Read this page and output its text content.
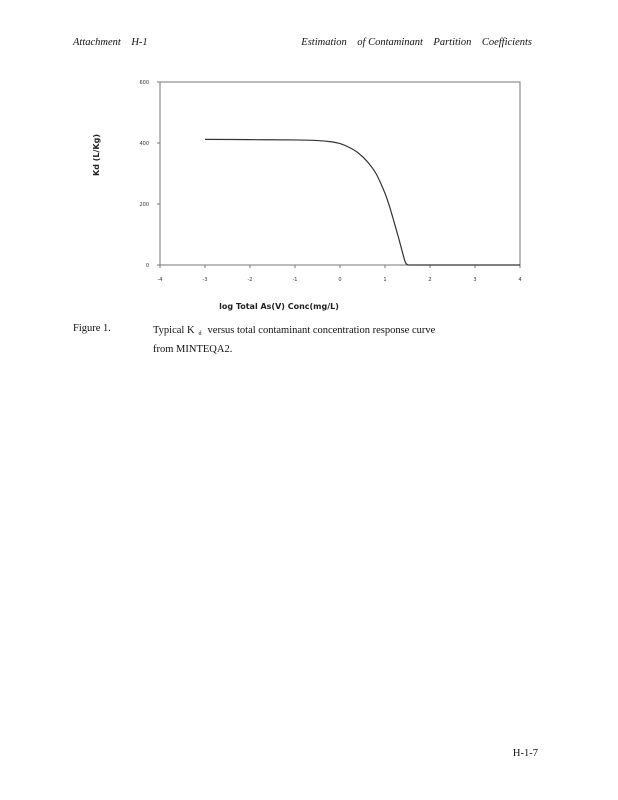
Attachment    H-1	Estimation    of Contaminant    Partition    Coefficients
0
200
400
600
-4	-3	-2	-1	0	1	2	3	4
log Total As(V) Conc(mg/L)
Kd (L/Kg)
Figure 1.	Typical K $_d$ versus total contaminant concentration response curve
from MINTEQA2.
H-1-7
